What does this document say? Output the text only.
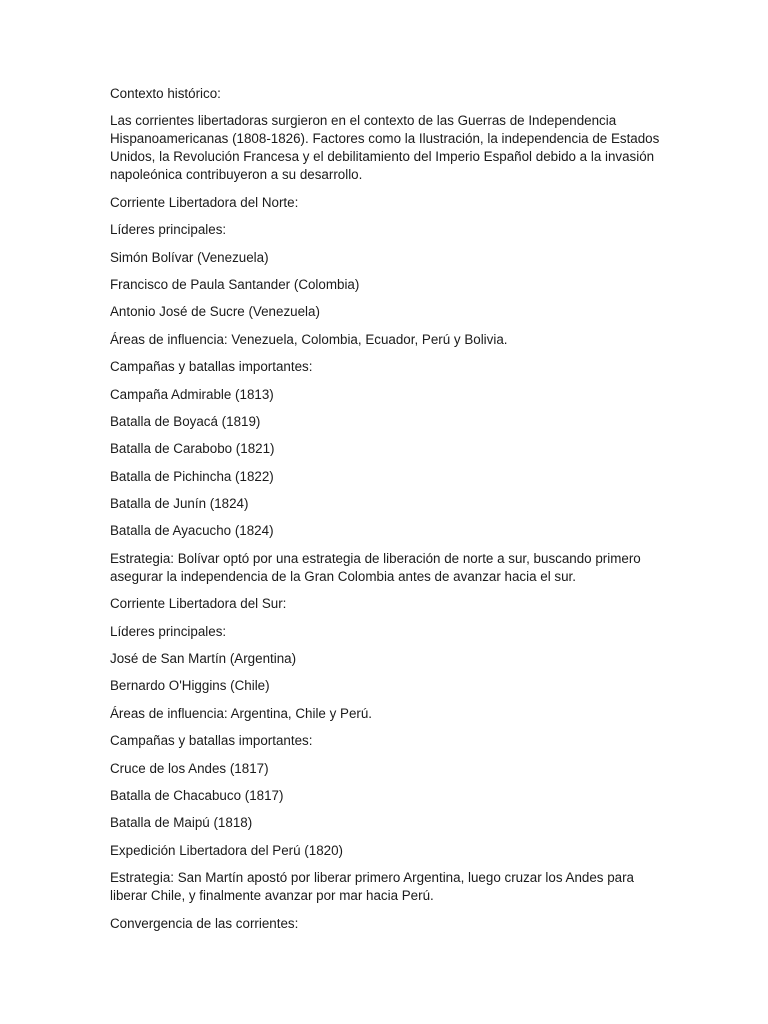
Contexto histórico:

Las corrientes libertadoras surgieron en el contexto de las Guerras de Independencia Hispanoamericanas (1808-1826). Factores como la Ilustración, la independencia de Estados Unidos, la Revolución Francesa y el debilitamiento del Imperio Español debido a la invasión napoleónica contribuyeron a su desarrollo.

Corriente Libertadora del Norte:

Líderes principales:

Simón Bolívar (Venezuela)

Francisco de Paula Santander (Colombia)

Antonio José de Sucre (Venezuela)

Áreas de influencia: Venezuela, Colombia, Ecuador, Perú y Bolivia.

Campañas y batallas importantes:

Campaña Admirable (1813)

Batalla de Boyacá (1819)

Batalla de Carabobo (1821)

Batalla de Pichincha (1822)

Batalla de Junín (1824)

Batalla de Ayacucho (1824)

Estrategia: Bolívar optó por una estrategia de liberación de norte a sur, buscando primero asegurar la independencia de la Gran Colombia antes de avanzar hacia el sur.

Corriente Libertadora del Sur:

Líderes principales:

José de San Martín (Argentina)

Bernardo O'Higgins (Chile)

Áreas de influencia: Argentina, Chile y Perú.

Campañas y batallas importantes:

Cruce de los Andes (1817)

Batalla de Chacabuco (1817)

Batalla de Maipú (1818)

Expedición Libertadora del Perú (1820)

Estrategia: San Martín apostó por liberar primero Argentina, luego cruzar los Andes para liberar Chile, y finalmente avanzar por mar hacia Perú.

Convergencia de las corrientes:
